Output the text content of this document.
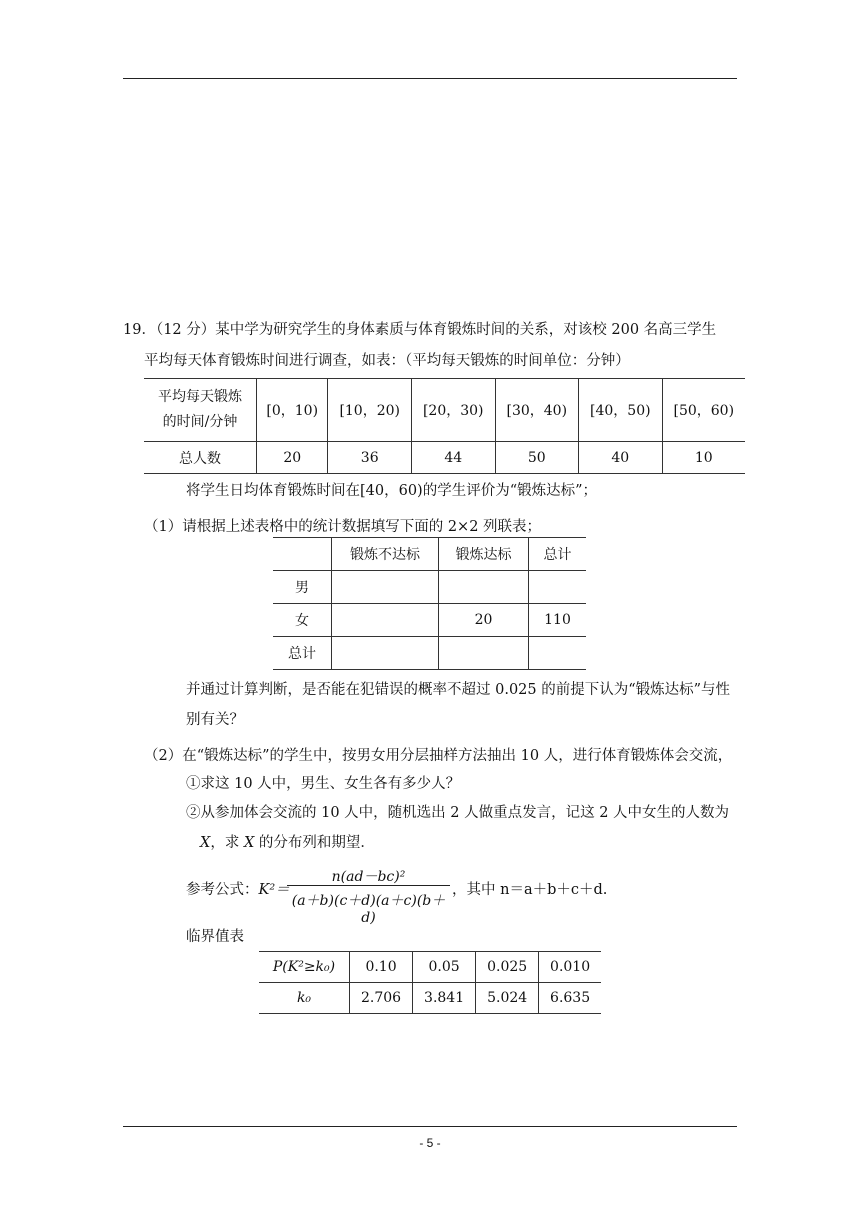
19．（12 分）某中学为研究学生的身体素质与体育锻炼时间的关系，对该校 200 名高三学生
平均每天体育锻炼时间进行调查，如表：（平均每天锻炼的时间单位：分钟）
平均每天锻炼
的时间/分钟	[0，10)	[10，20)	[20，30)	[30，40)	[40，50)	[50，60)
总人数	20	36	44	50	40	10
将学生日均体育锻炼时间在[40，60)的学生评价为“锻炼达标”；
（1）请根据上述表格中的统计数据填写下面的 2×2 列联表；
	锻炼不达标	锻炼达标	总计
男			
女		20	110
总计			
并通过计算判断，是否能在犯错误的概率不超过 0.025 的前提下认为“锻炼达标”与性
别有关？
（2）在“锻炼达标”的学生中，按男女用分层抽样方法抽出 10 人，进行体育锻炼体会交流，
①求这 10 人中，男生、女生各有多少人？
②从参加体会交流的 10 人中，随机选出 2 人做重点发言，记这 2 人中女生的人数为
X，求 X 的分布列和期望．
参考公式：K²＝
n(ad－bc)²
(a＋b)(c＋d)(a＋c)(b＋d)
，其中 n＝a＋b＋c＋d.
临界值表
P(K²≥k₀)	0.10	0.05	0.025	0.010
k₀	2.706	3.841	5.024	6.635
- 5 -
